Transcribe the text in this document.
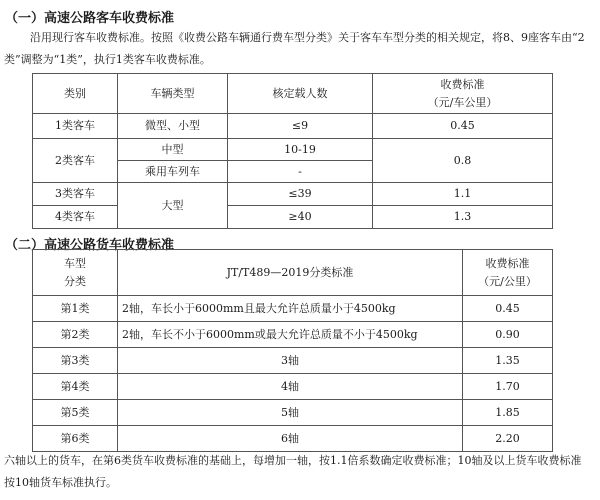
（一）高速公路客车收费标准

沿用现行客车收费标准。按照《收费公路车辆通行费车型分类》关于客车车型分类的相关规定，将8、9座客车由“2类”调整为“1类”，执行1类客车收费标准。

类别	车辆类型	核定载人数	收费标准
（元/车公里）

1类客车	微型、小型	≤9	0.45
2类客车	中型	10-19	0.8
	乘用车列车	-	
3类客车	大型	≤39	1.1
4类客车		≥40	1.3
（二）高速公路货车收费标准
车型
分类	JT/T489—2019分类标准	收费标准
（元/公里）

第1类	2轴，车长小于6000mm且最大允许总质量小于4500kg	0.45
第2类	2轴，车长不小于6000mm或最大允许总质量不小于4500kg	0.90
第3类	3轴	1.35
第4类	4轴	1.70
第5类	5轴	1.85
第6类	6轴	2.20

六轴以上的货车，在第6类货车收费标准的基础上，每增加一轴，按1.1倍系数确定收费标准；10轴及以上货车收费标准按10轴货车标准执行。
